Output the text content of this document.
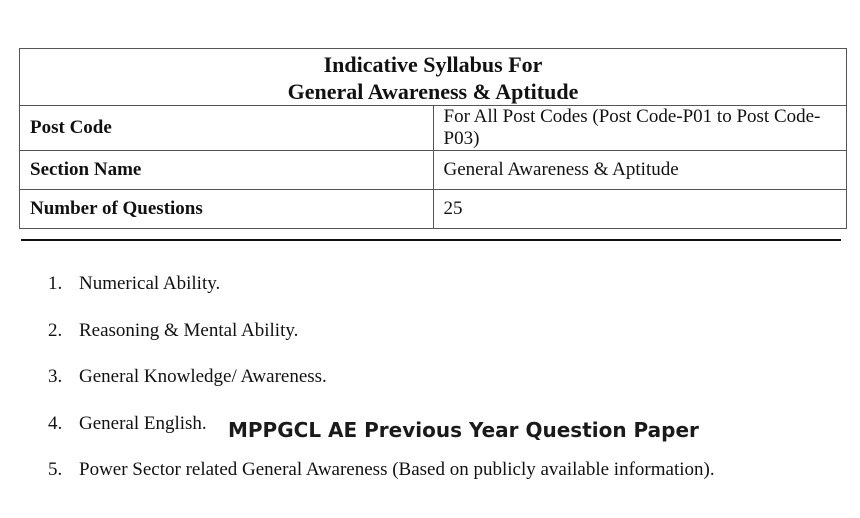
Indicative Syllabus For
General Awareness & Aptitude	

Post Code	For All Post Codes (Post Code-P01 to Post Code-P03)
Section Name	General Awareness & Aptitude
Number of Questions	25
1. Numerical Ability.
2. Reasoning & Mental Ability.
3. General Knowledge/ Awareness.
4. General English.
5. Power Sector related General Awareness (Based on publicly available information).
MPPGCL AE Previous Year Question Paper
